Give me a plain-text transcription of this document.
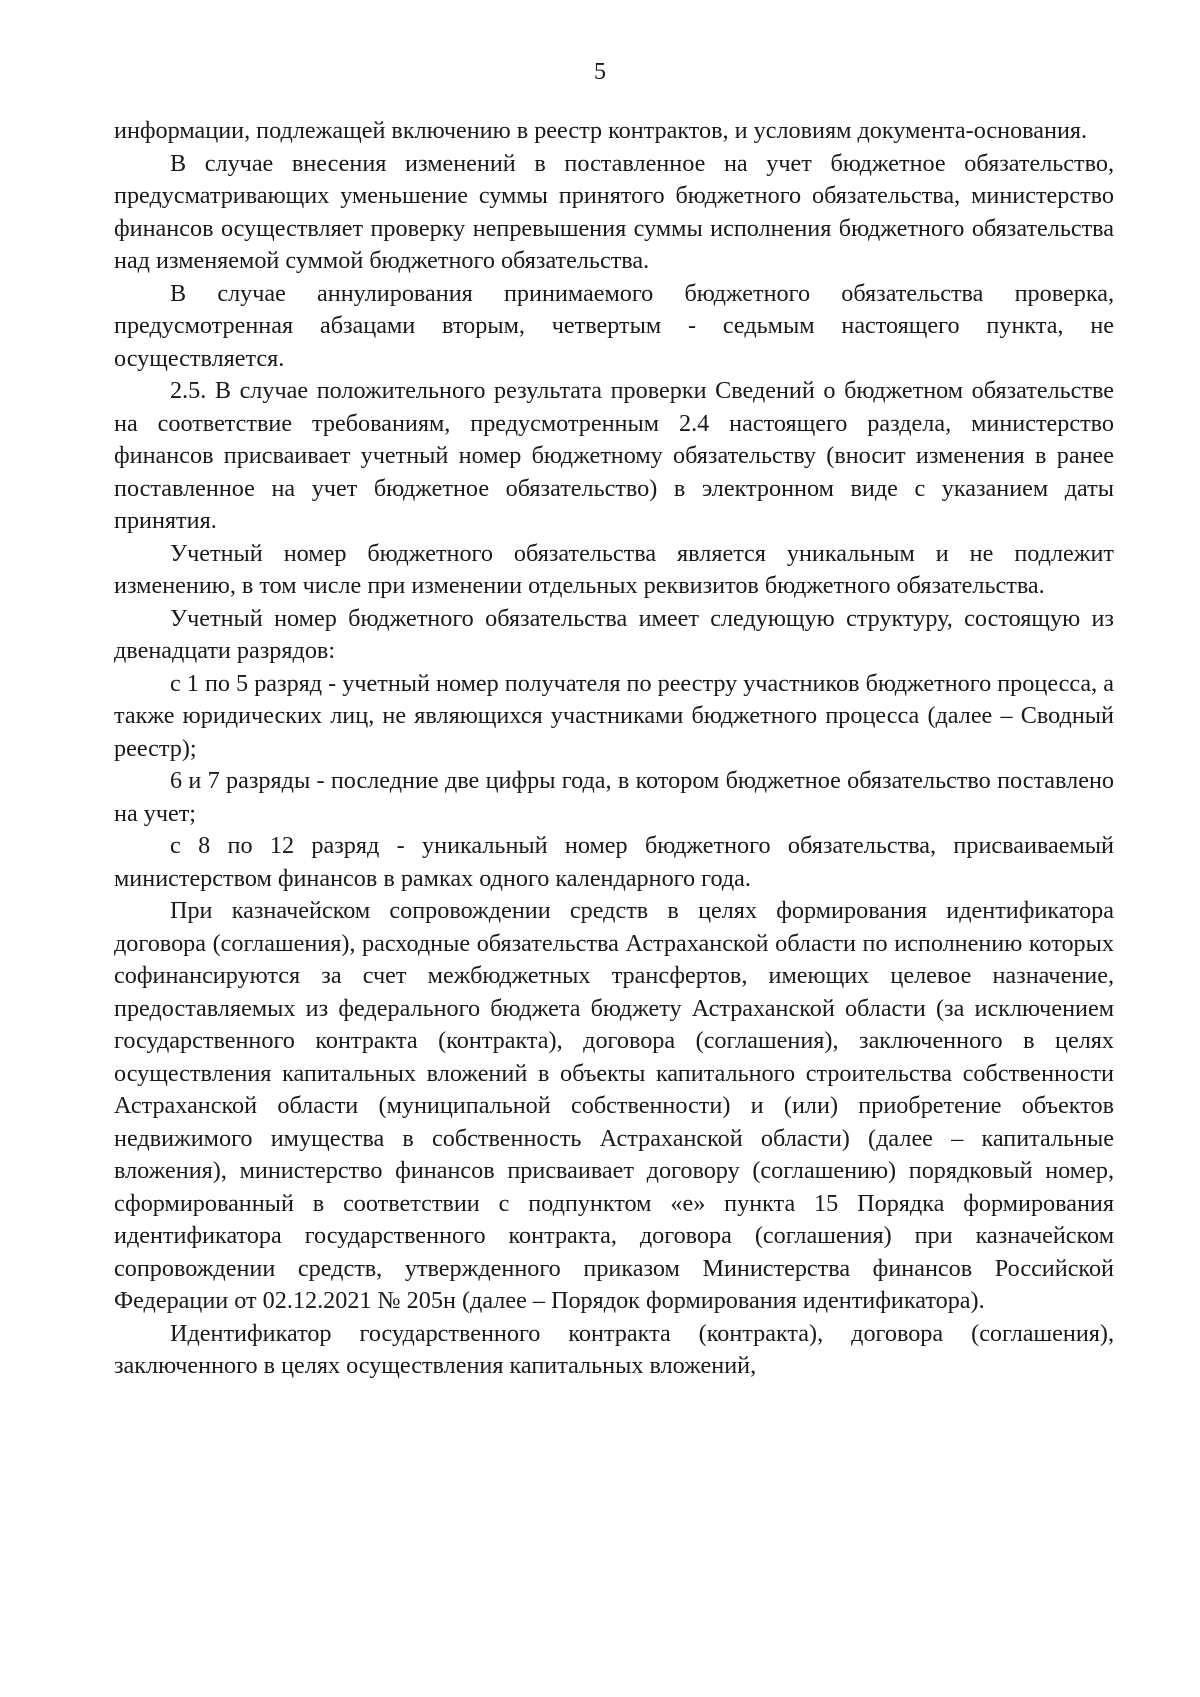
5

информации, подлежащей включению в реестр контрактов, и условиям документа-основания.

В случае внесения изменений в поставленное на учет бюджетное обязательство, предусматривающих уменьшение суммы принятого бюджетного обязательства, министерство финансов осуществляет проверку непревышения суммы исполнения бюджетного обязательства над изменяемой суммой бюджетного обязательства.

В случае аннулирования принимаемого бюджетного обязательства проверка, предусмотренная абзацами вторым, четвертым - седьмым настоящего пункта, не осуществляется.

2.5. В случае положительного результата проверки Сведений о бюджетном обязательстве на соответствие требованиям, предусмотренным 2.4 настоящего раздела, министерство финансов присваивает учетный номер бюджетному обязательству (вносит изменения в ранее поставленное на учет бюджетное обязательство) в электронном виде с указанием даты принятия.

Учетный номер бюджетного обязательства является уникальным и не подлежит изменению, в том числе при изменении отдельных реквизитов бюджетного обязательства.

Учетный номер бюджетного обязательства имеет следующую структуру, состоящую из двенадцати разрядов:

с 1 по 5 разряд - учетный номер получателя по реестру участников бюджетного процесса, а также юридических лиц, не являющихся участниками бюджетного процесса (далее – Сводный реестр);

6 и 7 разряды - последние две цифры года, в котором бюджетное обязательство поставлено на учет;

с 8 по 12 разряд - уникальный номер бюджетного обязательства, присваиваемый министерством финансов в рамках одного календарного года.

При казначейском сопровождении средств в целях формирования идентификатора договора (соглашения), расходные обязательства Астраханской области по исполнению которых софинансируются за счет межбюджетных трансфертов, имеющих целевое назначение, предоставляемых из федерального бюджета бюджету Астраханской области (за исключением государственного контракта (контракта), договора (соглашения), заключенного в целях осуществления капитальных вложений в объекты капитального строительства собственности Астраханской области (муниципальной собственности) и (или) приобретение объектов недвижимого имущества в собственность Астраханской области) (далее – капитальные вложения), министерство финансов присваивает договору (соглашению) порядковый номер, сформированный в соответствии с подпунктом «е» пункта 15 Порядка формирования идентификатора государственного контракта, договора (соглашения) при казначейском сопровождении средств, утвержденного приказом Министерства финансов Российской Федерации от 02.12.2021 № 205н (далее – Порядок формирования идентификатора).

Идентификатор государственного контракта (контракта), договора (соглашения), заключенного в целях осуществления капитальных вложений,
